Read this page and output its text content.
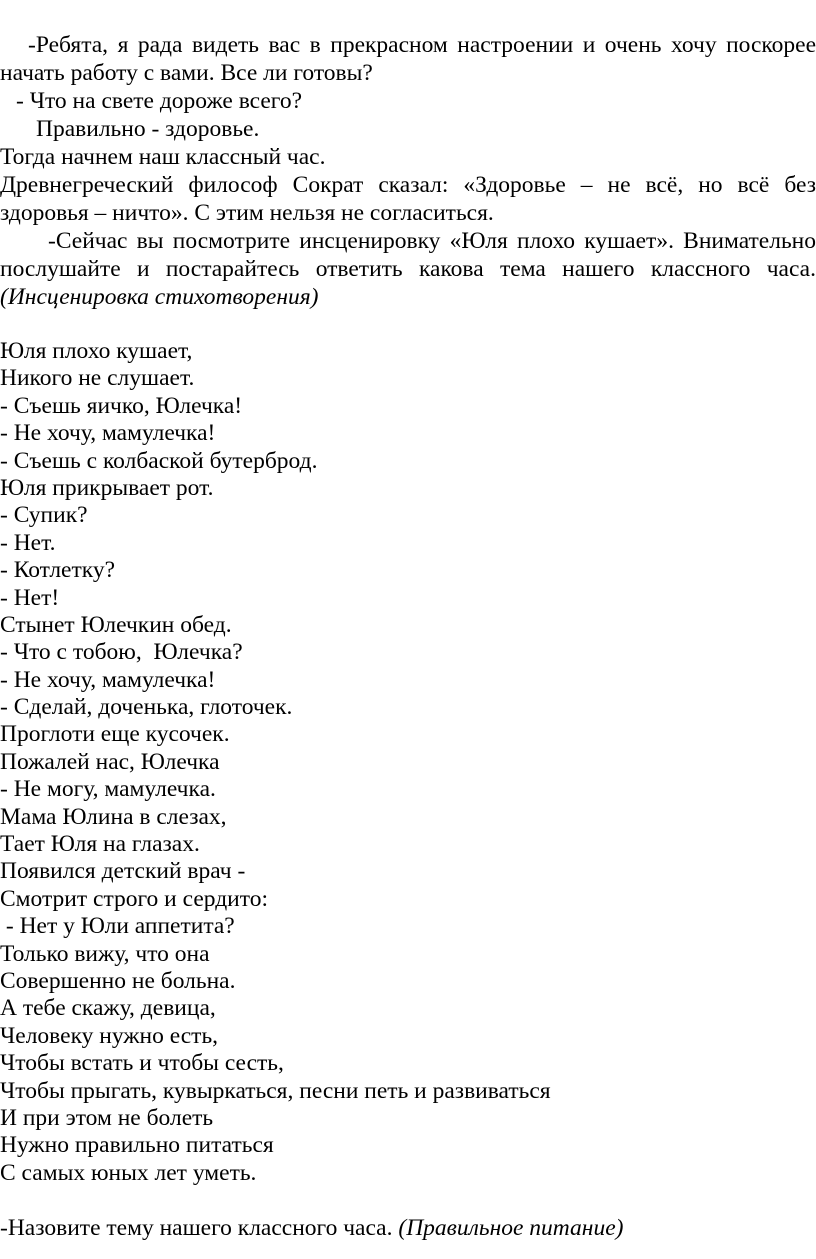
-Ребята, я рада видеть вас в прекрасном настроении и очень хочу поскорее
начать работу с вами. Все ли готовы?
- Что на свете дороже всего?
Правильно - здоровье.
Тогда начнем наш классный час.
Древнегреческий философ Сократ сказал: «Здоровье – не всё, но всё без
здоровья – ничто». С этим нельзя не согласиться.
-Сейчас вы посмотрите инсценировку «Юля плохо кушает». Внимательно
послушайте и постарайтесь ответить какова тема нашего классного часа.
(Инсценировка стихотворения)
Юля плохо кушает,
Никого не слушает.
- Съешь яичко, Юлечка!
- Не хочу, мамулечка!
- Съешь с колбаской бутерброд.
Юля прикрывает рот.
- Супик?
- Нет.
- Котлетку?
- Нет!
Стынет Юлечкин обед.
- Что с тобою,  Юлечка?
- Не хочу, мамулечка!
- Сделай, доченька, глоточек.
Проглоти еще кусочек.
Пожалей нас, Юлечка
- Не могу, мамулечка.
Мама Юлина в слезах,
Тает Юля на глазах.
Появился детский врач -
Смотрит строго и сердито:
- Нет у Юли аппетита?
Только вижу, что она
Совершенно не больна.
А тебе скажу, девица,
Человеку нужно есть,
Чтобы встать и чтобы сесть,
Чтобы прыгать, кувыркаться, песни петь и развиваться
И при этом не болеть
Нужно правильно питаться
С самых юных лет уметь.
-Назовите тему нашего классного часа. (Правильное питание)
